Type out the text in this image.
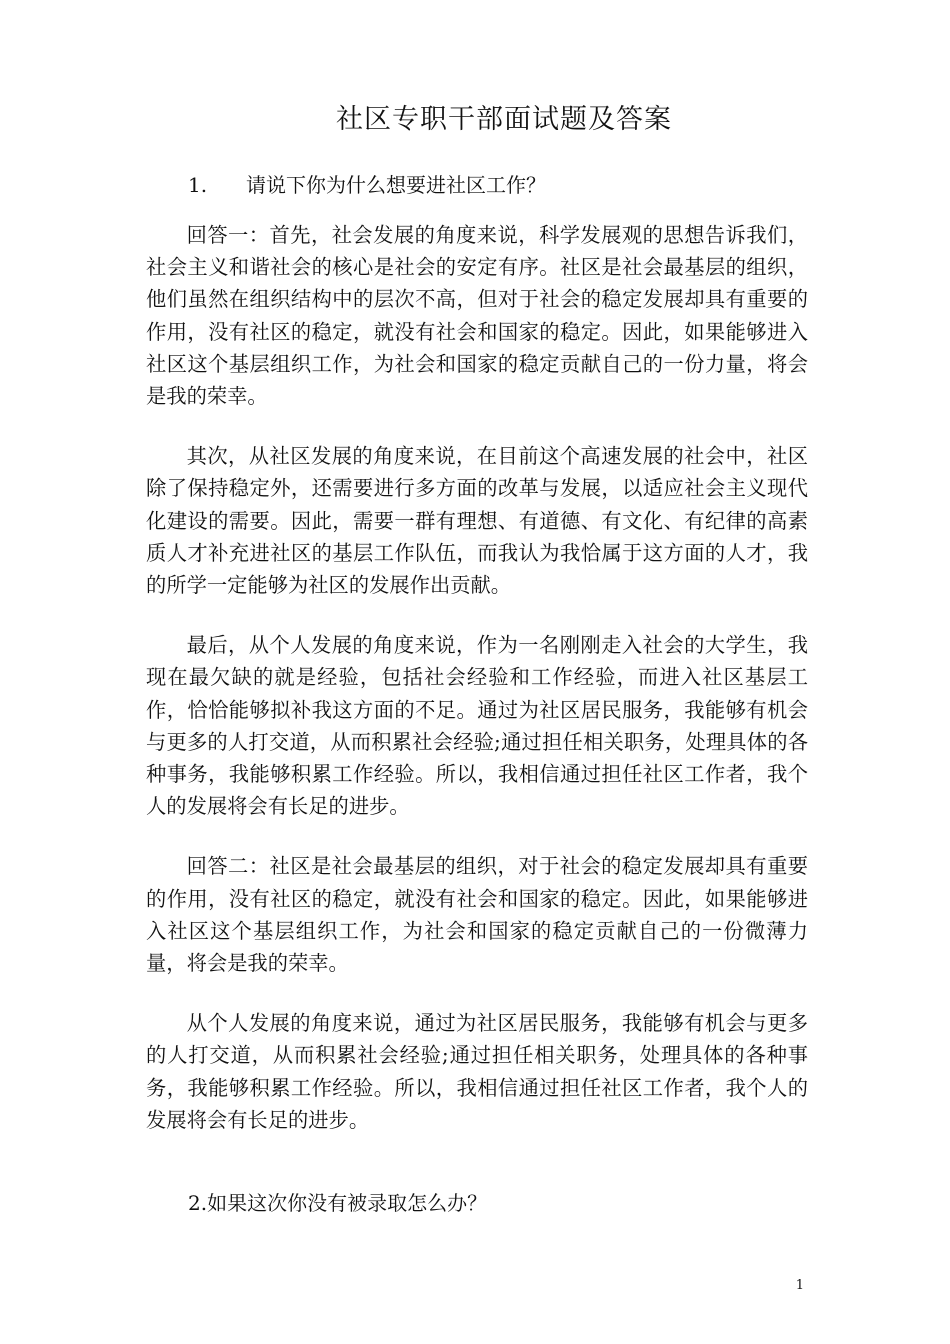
社区专职干部面试题及答案
1. 请说下你为什么想要进社区工作？

回答一：首先，社会发展的角度来说，科学发展观的思想告诉我们，社会主义和谐社会的核心是社会的安定有序。社区是社会最基层的组织，他们虽然在组织结构中的层次不高，但对于社会的稳定发展却具有重要的作用，没有社区的稳定，就没有社会和国家的稳定。因此，如果能够进入社区这个基层组织工作，为社会和国家的稳定贡献自己的一份力量，将会是我的荣幸。

其次，从社区发展的角度来说，在目前这个高速发展的社会中，社区除了保持稳定外，还需要进行多方面的改革与发展，以适应社会主义现代化建设的需要。因此，需要一群有理想、有道德、有文化、有纪律的高素质人才补充进社区的基层工作队伍，而我认为我恰属于这方面的人才，我的所学一定能够为社区的发展作出贡献。

最后，从个人发展的角度来说，作为一名刚刚走入社会的大学生，我现在最欠缺的就是经验，包括社会经验和工作经验，而进入社区基层工作，恰恰能够拟补我这方面的不足。通过为社区居民服务，我能够有机会与更多的人打交道，从而积累社会经验;通过担任相关职务，处理具体的各种事务，我能够积累工作经验。所以，我相信通过担任社区工作者，我个人的发展将会有长足的进步。

回答二：社区是社会最基层的组织，对于社会的稳定发展却具有重要的作用，没有社区的稳定，就没有社会和国家的稳定。因此，如果能够进入社区这个基层组织工作，为社会和国家的稳定贡献自己的一份微薄力量，将会是我的荣幸。

从个人发展的角度来说，通过为社区居民服务，我能够有机会与更多的人打交道，从而积累社会经验;通过担任相关职务，处理具体的各种事务，我能够积累工作经验。所以，我相信通过担任社区工作者，我个人的发展将会有长足的进步。

2.如果这次你没有被录取怎么办？
1
